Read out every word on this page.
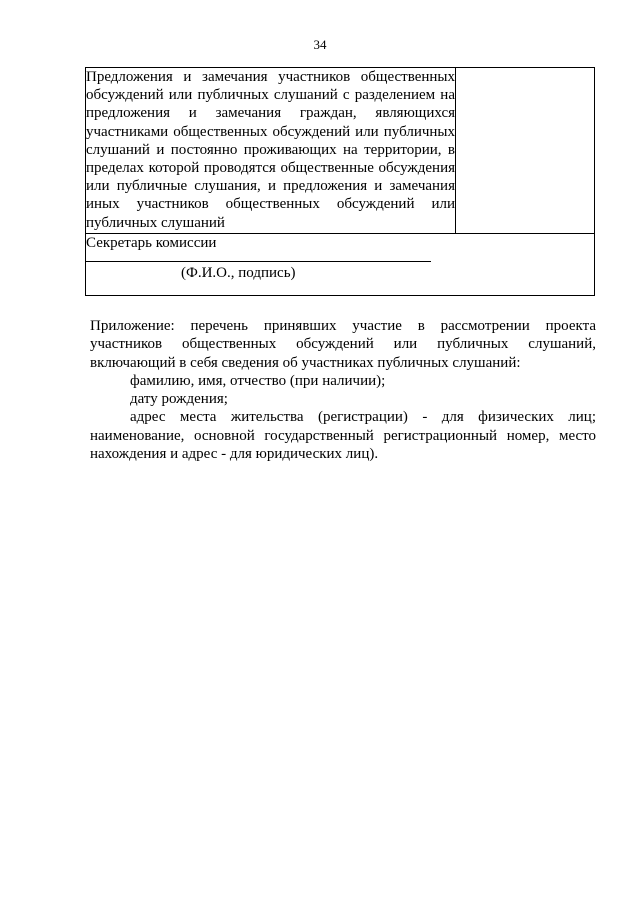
34
Предложения и замечания участников общественных обсуждений или публичных слушаний с разделением на предложения и замечания граждан, являющихся участниками общественных обсуждений или публичных слушаний и постоянно проживающих на территории, в пределах которой проводятся общественные обсуждения или публичные слушания, и предложения и замечания иных участников общественных обсуждений или публичных слушаний	

Секретарь комиссии
(Ф.И.О., подпись)

Приложение: перечень принявших участие в рассмотрении проекта участников общественных обсуждений или публичных слушаний, включающий в себя сведения об участниках публичных слушаний:

фамилию, имя, отчество (при наличии);

дату рождения;

адрес места жительства (регистрации) - для физических лиц; наименование, основной государственный регистрационный номер, место нахождения и адрес - для юридических лиц).
